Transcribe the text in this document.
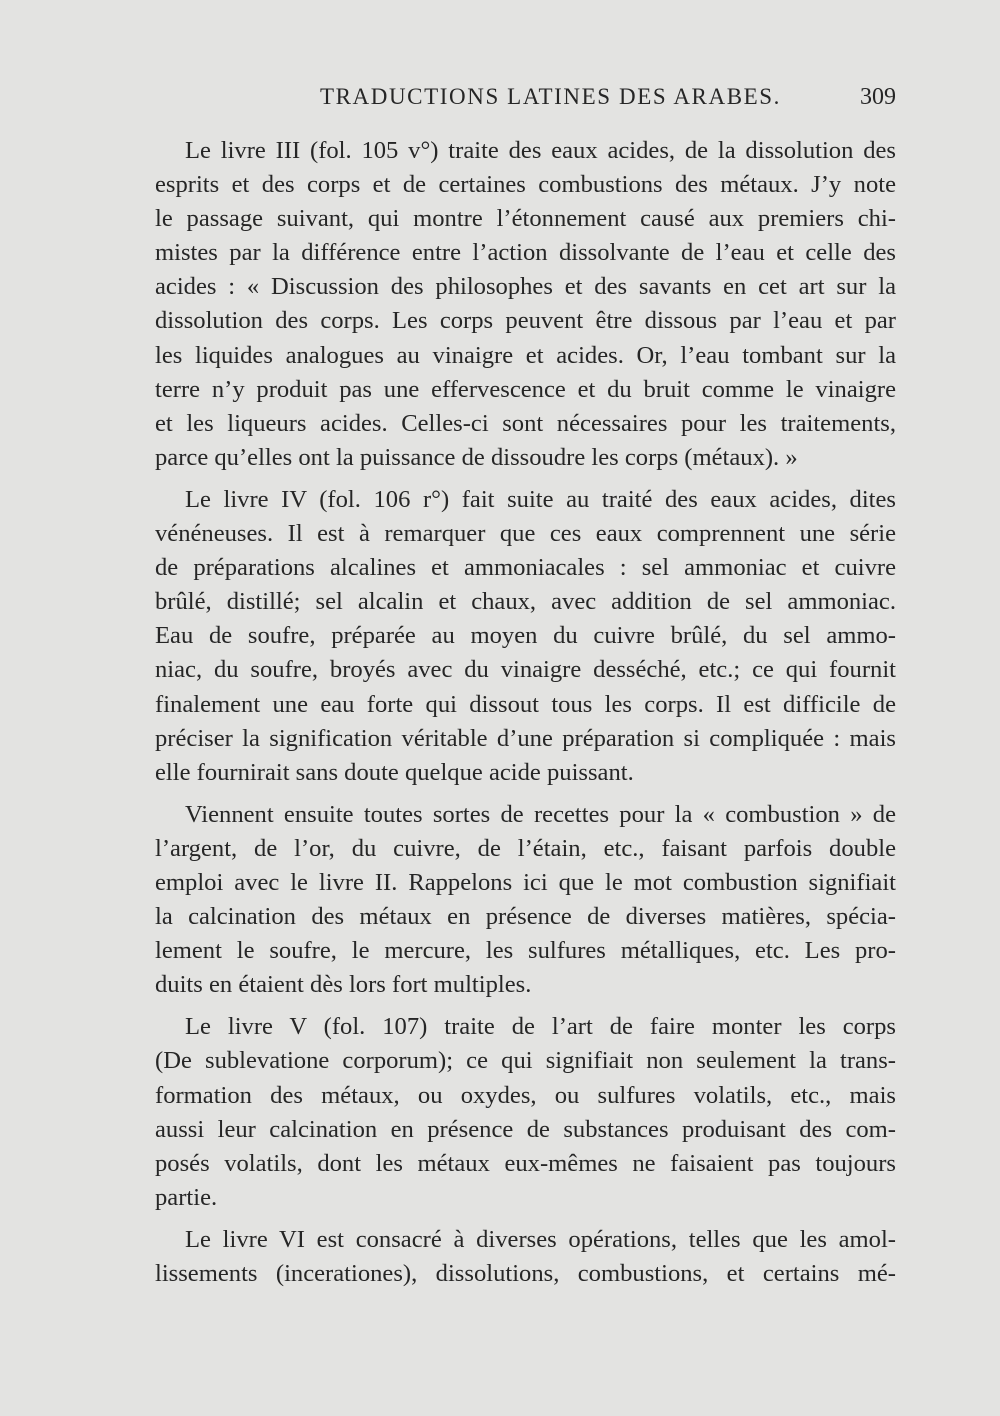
TRADUCTIONS LATINES DES ARABES.	309
Le livre III (fol. 105 v°) traite des eaux acides, de la dissolution des
esprits et des corps et de certaines combustions des métaux. J’y note
le passage suivant, qui montre l’étonnement causé aux premiers chi-
mistes par la différence entre l’action dissolvante de l’eau et celle des
acides : « Discussion des philosophes et des savants en cet art sur la
dissolution des corps. Les corps peuvent être dissous par l’eau et par
les liquides analogues au vinaigre et acides. Or, l’eau tombant sur la
terre n’y produit pas une effervescence et du bruit comme le vinaigre
et les liqueurs acides. Celles-ci sont nécessaires pour les traitements,
parce qu’elles ont la puissance de dissoudre les corps (métaux). »
Le livre IV (fol. 106 r°) fait suite au traité des eaux acides, dites
vénéneuses. Il est à remarquer que ces eaux comprennent une série
de préparations alcalines et ammoniacales : sel ammoniac et cuivre
brûlé, distillé; sel alcalin et chaux, avec addition de sel ammoniac.
Eau de soufre, préparée au moyen du cuivre brûlé, du sel ammo-
niac, du soufre, broyés avec du vinaigre desséché, etc.; ce qui fournit
finalement une eau forte qui dissout tous les corps. Il est difficile de
préciser la signification véritable d’une préparation si compliquée : mais
elle fournirait sans doute quelque acide puissant.
Viennent ensuite toutes sortes de recettes pour la « combustion » de
l’argent, de l’or, du cuivre, de l’étain, etc., faisant parfois double
emploi avec le livre II. Rappelons ici que le mot combustion signifiait
la calcination des métaux en présence de diverses matières, spécia-
lement le soufre, le mercure, les sulfures métalliques, etc. Les pro-
duits en étaient dès lors fort multiples.
Le livre V (fol. 107) traite de l’art de faire monter les corps
(De sublevatione corporum); ce qui signifiait non seulement la trans-
formation des métaux, ou oxydes, ou sulfures volatils, etc., mais
aussi leur calcination en présence de substances produisant des com-
posés volatils, dont les métaux eux-mêmes ne faisaient pas toujours
partie.
Le livre VI est consacré à diverses opérations, telles que les amol-
lissements (incerationes), dissolutions, combustions, et certains mé-
